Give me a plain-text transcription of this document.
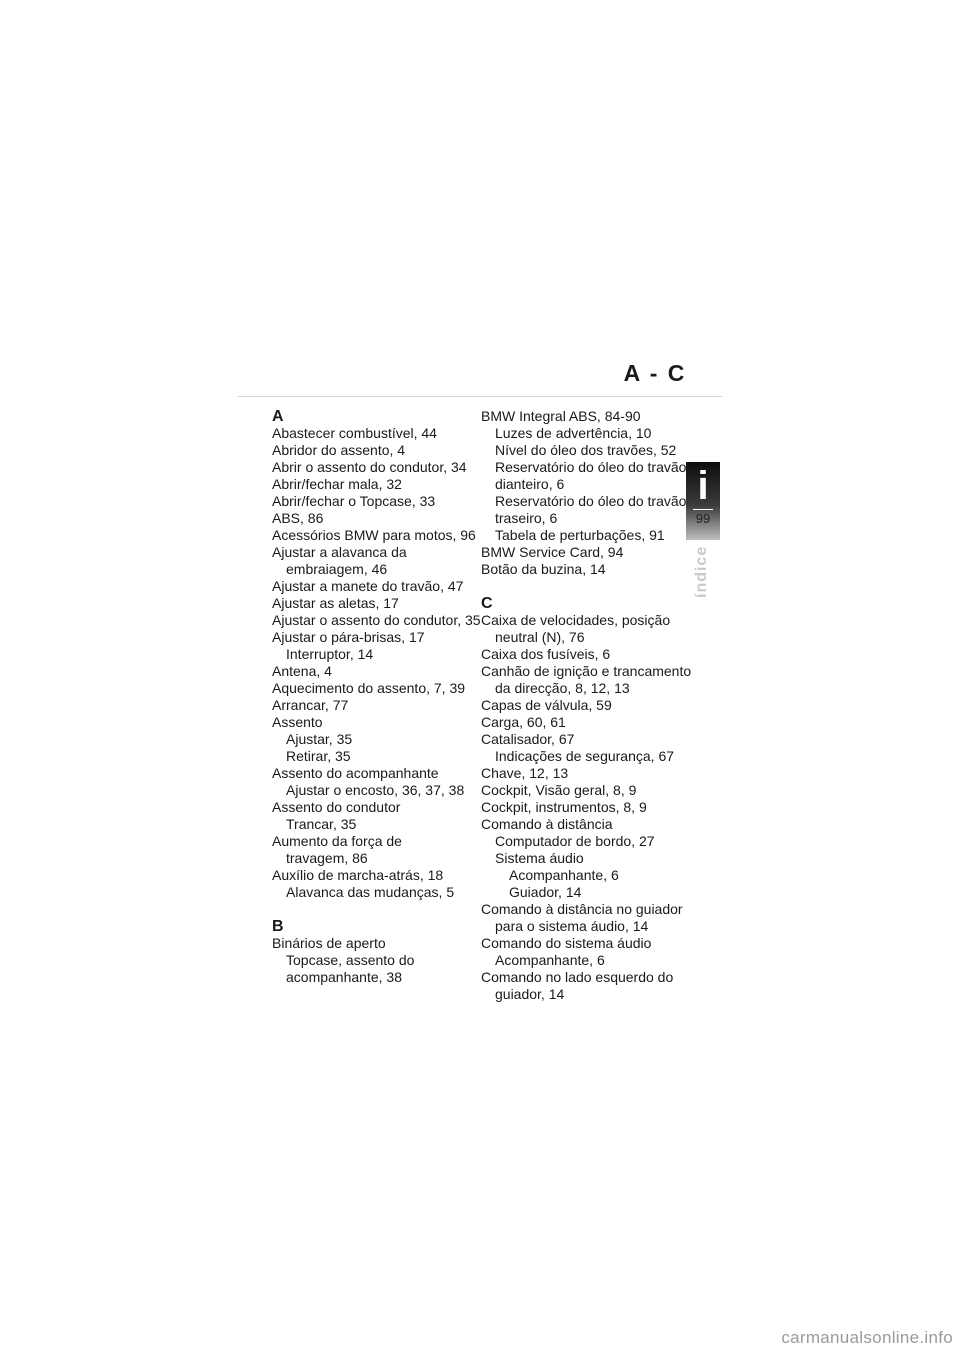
A - C
i
99
índice
A
Abastecer combustível, 44
Abridor do assento, 4
Abrir o assento do condutor, 34
Abrir/fechar mala, 32
Abrir/fechar o Topcase, 33
ABS, 86
Acessórios BMW para motos, 96
Ajustar a alavanca da
embraiagem, 46
Ajustar a manete do travão, 47
Ajustar as aletas, 17
Ajustar o assento do condutor, 35
Ajustar o pára-brisas, 17
Interruptor, 14
Antena, 4
Aquecimento do assento, 7, 39
Arrancar, 77
Assento
Ajustar, 35
Retirar, 35
Assento do acompanhante
Ajustar o encosto, 36, 37, 38
Assento do condutor
Trancar, 35
Aumento da força de
travagem, 86
Auxílio de marcha-atrás, 18
Alavanca das mudanças, 5
B
Binários de aperto
Topcase, assento do
acompanhante, 38
BMW Integral ABS, 84-90
Luzes de advertência, 10
Nível do óleo dos travões, 52
Reservatório do óleo do travão
dianteiro, 6
Reservatório do óleo do travão
traseiro, 6
Tabela de perturbações, 91
BMW Service Card, 94
Botão da buzina, 14
C
Caixa de velocidades, posição
neutral (N), 76
Caixa dos fusíveis, 6
Canhão de ignição e trancamento
da direcção, 8, 12, 13
Capas de válvula, 59
Carga, 60, 61
Catalisador, 67
Indicações de segurança, 67
Chave, 12, 13
Cockpit, Visão geral, 8, 9
Cockpit, instrumentos, 8, 9
Comando à distância
Computador de bordo, 27
Sistema áudio
Acompanhante, 6
Guiador, 14
Comando à distância no guiador
para o sistema áudio, 14
Comando do sistema áudio
Acompanhante, 6
Comando no lado esquerdo do
guiador, 14
carmanualsonline.info
